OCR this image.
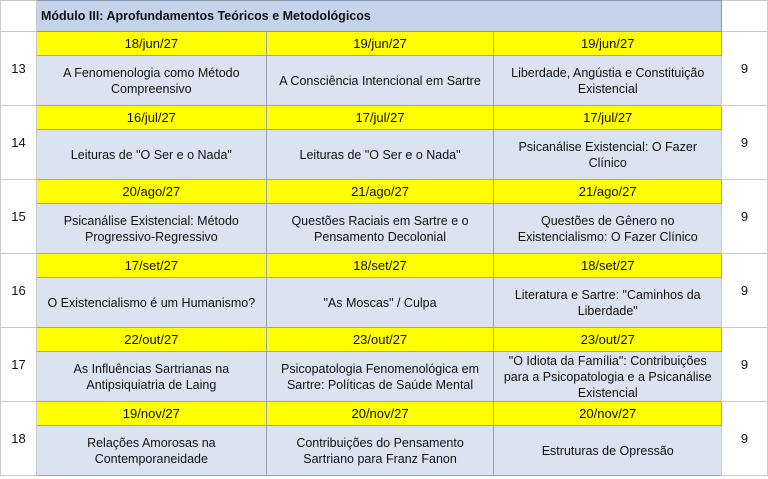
	Módulo III: Aprofundamentos Teóricos e Metodológicos			
13	18/jun/27	19/jun/27	19/jun/27	9
	A Fenomenologia como Método Compreensivo	A Consciência Intencional em Sartre	Liberdade, Angústia e Constituição Existencial	
14	16/jul/27	17/jul/27	17/jul/27	9
	Leituras de "O Ser e o Nada"	Leituras de "O Ser e o Nada"	Psicanálise Existencial: O Fazer Clínico	
15	20/ago/27	21/ago/27	21/ago/27	9
	Psicanálise Existencial: Método Progressivo-Regressivo	Questões Raciais em Sartre e o Pensamento Decolonial	Questões de Gênero no Existencialismo: O Fazer Clínico	
16	17/set/27	18/set/27	18/set/27	9
	O Existencialismo é um Humanismo?	"As Moscas" / Culpa	Literatura e Sartre: "Caminhos da Liberdade"	
17	22/out/27	23/out/27	23/out/27	9
	As Influências Sartrianas na Antipsiquiatria de Laing	Psicopatologia Fenomenológica em Sartre: Políticas de Saúde Mental	"O Idiota da Família": Contribuições para a Psicopatologia e a Psicanálise Existencial	
18	19/nov/27	20/nov/27	20/nov/27	9
	Relações Amorosas na Contemporaneidade	Contribuições do Pensamento Sartriano para Franz Fanon	Estruturas de Opressão	
